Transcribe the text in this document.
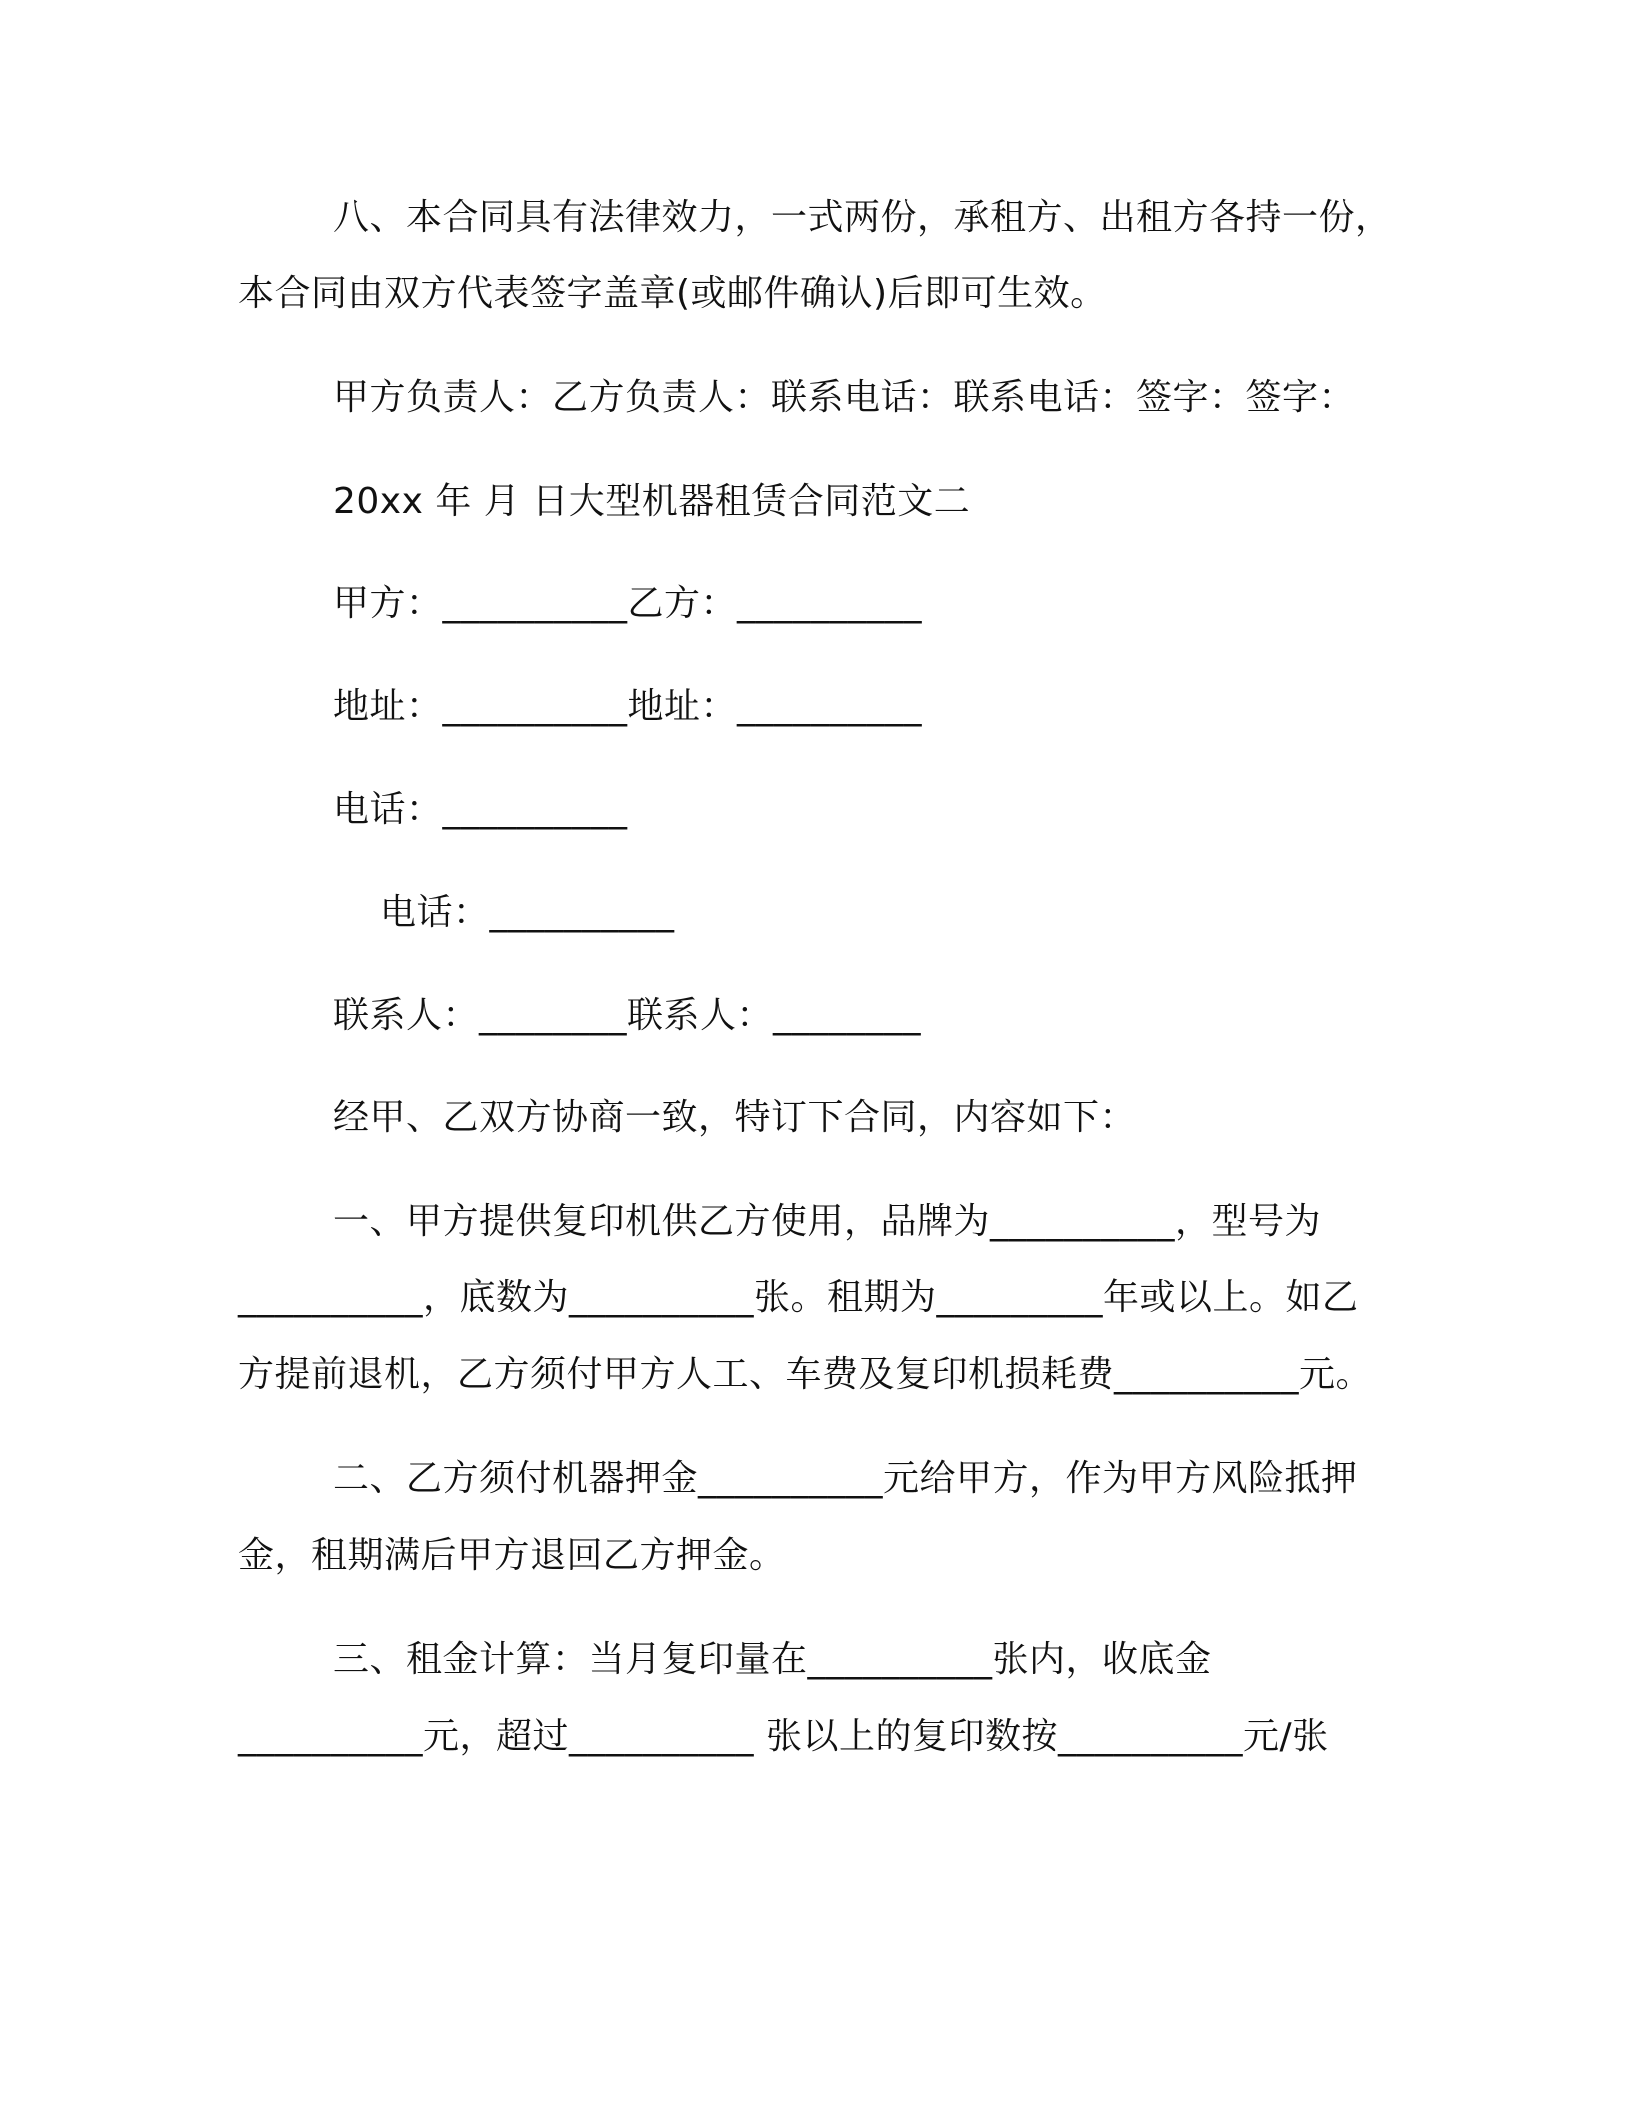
八、本合同具有法律效力，一式两份，承租方、出租方各持一份，
本合同由双方代表签字盖章(或邮件确认)后即可生效。
甲方负责人：乙方负责人：联系电话：联系电话：签字：签字：
20xx 年 月 日大型机器租赁合同范文二
甲方：__________乙方：__________
地址：__________地址：__________
电话：__________
电话：__________
联系人：________联系人：________
经甲、乙双方协商一致，特订下合同，内容如下：
一、甲方提供复印机供乙方使用，品牌为__________，型号为
__________，底数为__________张。租期为_________年或以上。如乙
方提前退机，乙方须付甲方人工、车费及复印机损耗费__________元。
二、乙方须付机器押金__________元给甲方，作为甲方风险抵押
金，租期满后甲方退回乙方押金。
三、租金计算：当月复印量在__________张内，收底金
__________元，超过__________ 张以上的复印数按__________元/张
